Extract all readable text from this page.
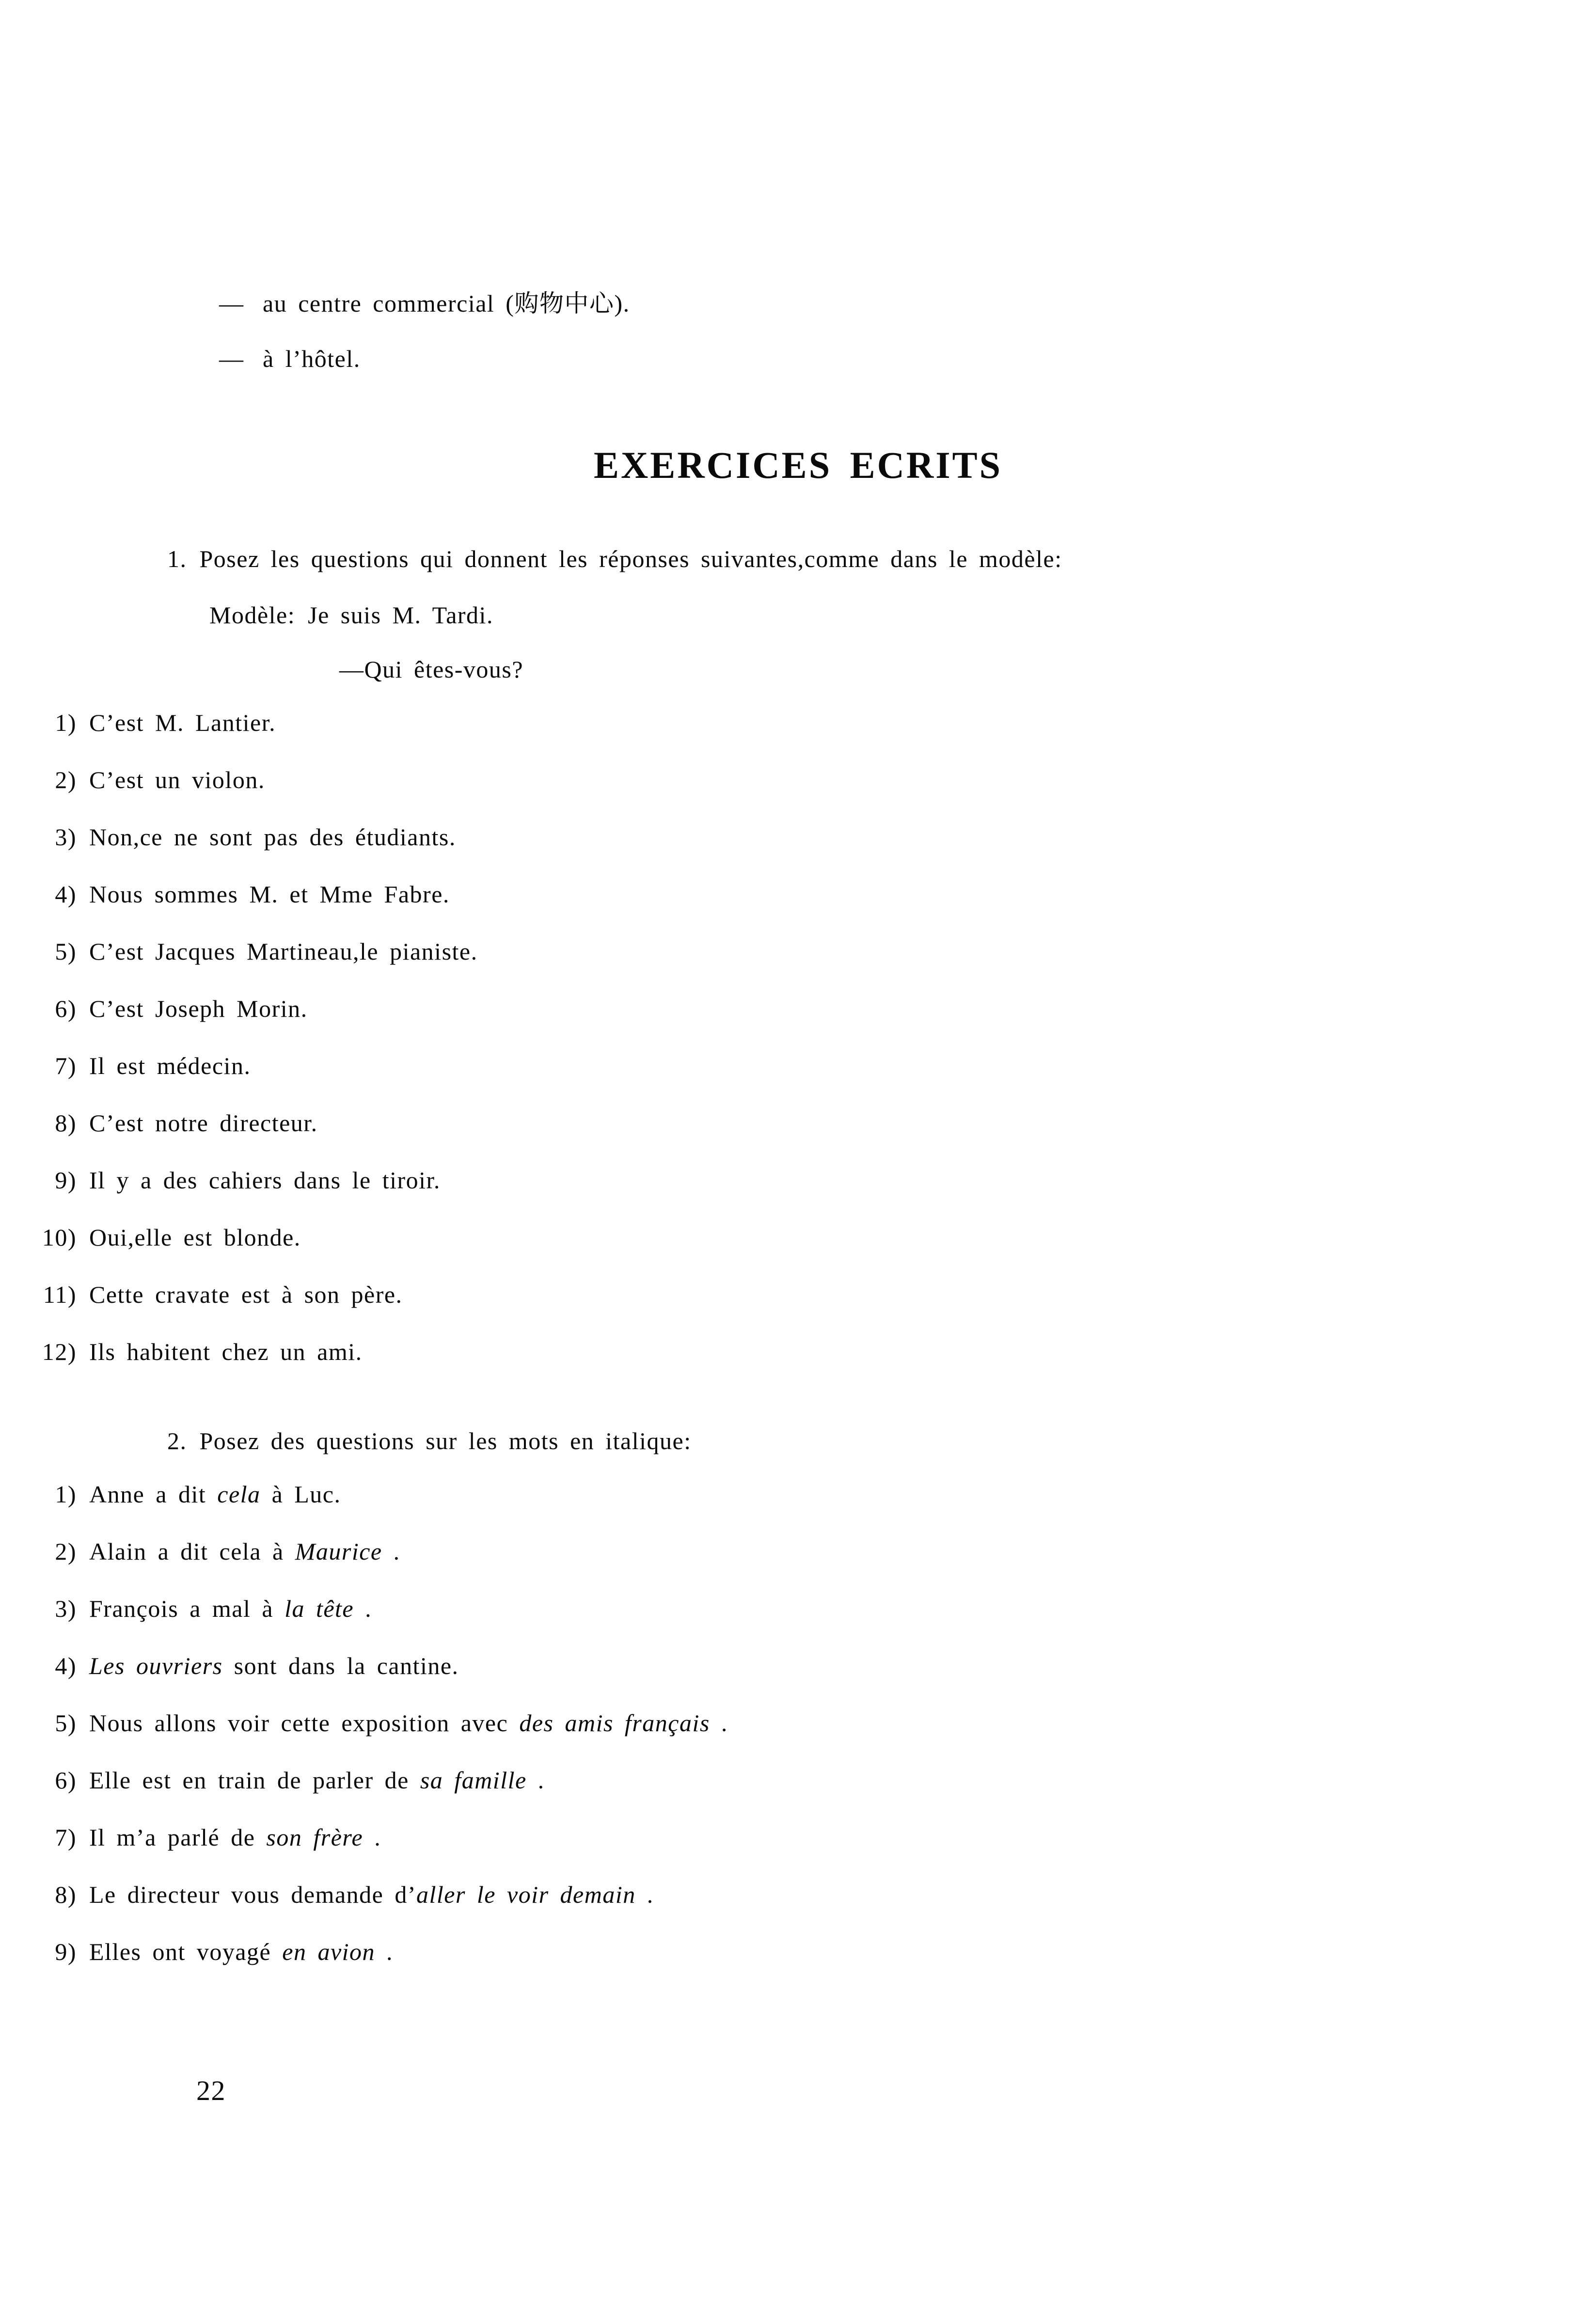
— au centre commercial (购物中心).
— à l’hôtel.
EXERCICES ECRITS
1. Posez les questions qui donnent les réponses suivantes,comme dans le modèle:
Modèle: Je suis M. Tardi.
—Qui êtes-vous?
1) C’est M. Lantier.
2) C’est un violon.
3) Non,ce ne sont pas des étudiants.
4) Nous sommes M. et Mme Fabre.
5) C’est Jacques Martineau,le pianiste.
6) C’est Joseph Morin.
7) Il est médecin.
8) C’est notre directeur.
9) Il y a des cahiers dans le tiroir.
10) Oui,elle est blonde.
11) Cette cravate est à son père.
12) Ils habitent chez un ami.
2. Posez des questions sur les mots en italique:
1) Anne a dit cela à Luc.
2) Alain a dit cela à Maurice .
3) François a mal à la tête .
4) Les ouvriers sont dans la cantine.
5) Nous allons voir cette exposition avec des amis français .
6) Elle est en train de parler de sa famille .
7) Il m’a parlé de son frère .
8) Le directeur vous demande d’aller le voir demain .
9) Elles ont voyagé en avion .
22
